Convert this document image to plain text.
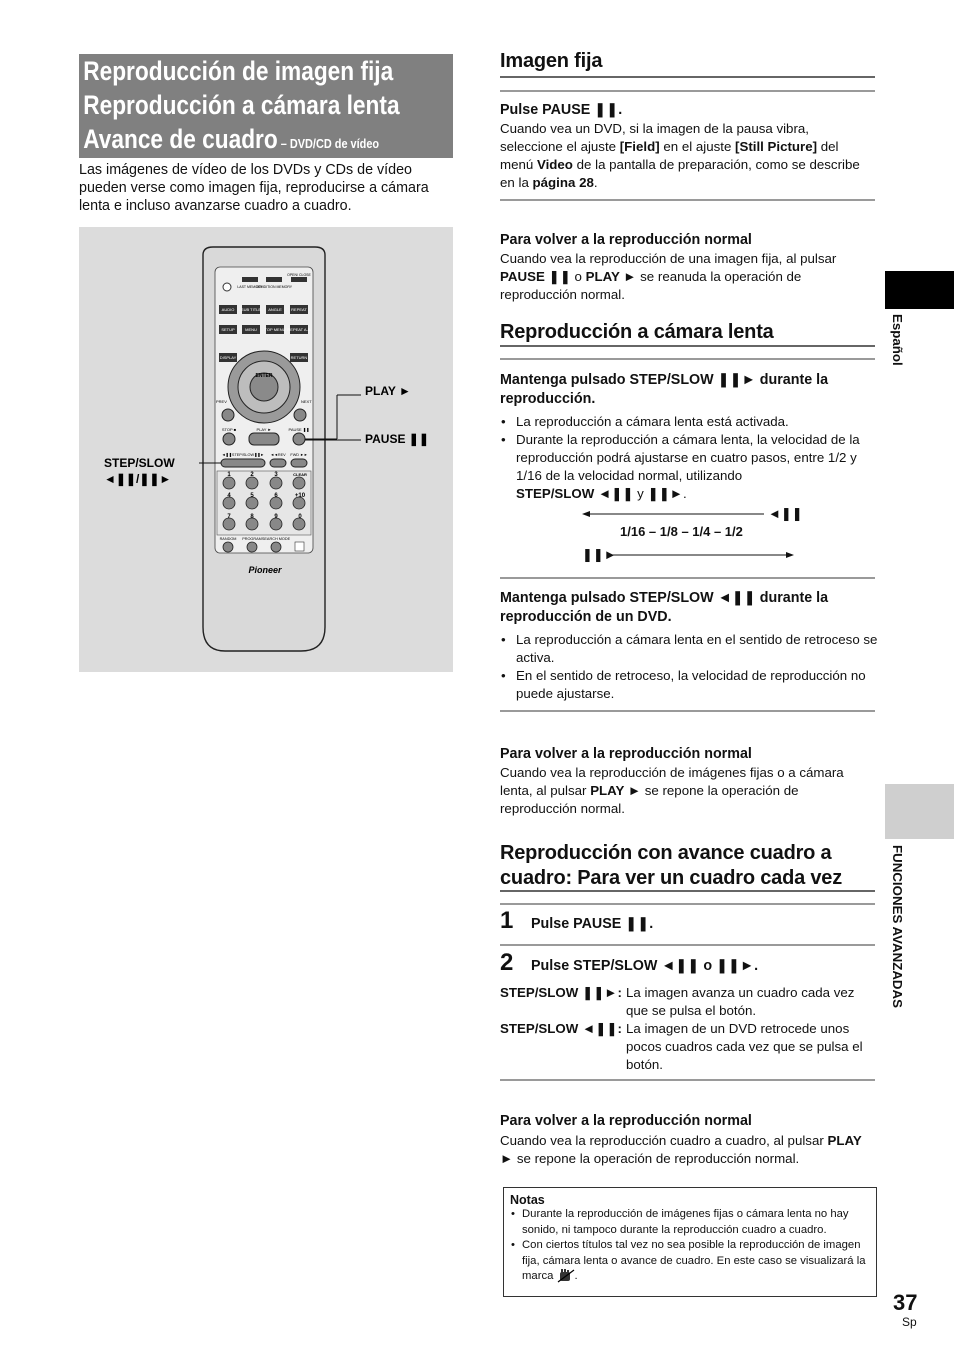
Reproducción de imagen fija
Reproducción a cámara lenta
Avance de cuadro – DVD/CD de vídeo
Las imágenes de vídeo de los DVDs y CDs de vídeo pueden verse como imagen fija, reproducirse a cámara lenta e incluso avanzarse cuadro a cuadro.
LAST MEMORY
CONDITION MEMORY
OPEN/ CLOSE
AUDIO SUB TITLE ANGLE REPEAT
SETUP	MENU TOP MENU REPEAT A-B
DISPLAY	RETURN
ENTER
PREV	NEXT
STOP ■	PLAY ►	PAUSE ❚❚
◄❚❚STEP/SLOW❚❚► ◄◄REV FWD ►►
1	2	3	CLEAR
4	5	6	+10
7	8	9	0
RANDOM PROGRAM SEARCH MODE
Pioneer
PLAY ►
PAUSE ❚❚
STEP/SLOW
◄❚❚/❚❚►
Imagen fija
Pulse PAUSE ❚❚.
Cuando vea un DVD, si la imagen de la pausa vibra, seleccione el ajuste [Field] en el ajuste [Still Picture] del menú Video de la pantalla de preparación, como se describe en la página 28.
Para volver a la reproducción normal
Cuando vea la reproducción de una imagen fija, al pulsar PAUSE ❚❚ o PLAY ► se reanuda la operación de reproducción normal.
Reproducción a cámara lenta
Mantenga pulsado STEP/SLOW ❚❚► durante la
reproducción.
• La reproducción a cámara lenta está activada.
• Durante la reproducción a cámara lenta, la velocidad de la reproducción podrá ajustarse en cuatro pasos, entre 1/2 y 1/16 de la velocidad normal, utilizando
STEP/SLOW ◄❚❚ y ❚❚►.
◄❚❚
1/16 – 1/8 – 1/4 – 1/2
❚❚►
Mantenga pulsado STEP/SLOW ◄❚❚ durante la
reproducción de un DVD.
• La reproducción a cámara lenta en el sentido de retroceso se activa.
• En el sentido de retroceso, la velocidad de reproducción no puede ajustarse.
Para volver a la reproducción normal
Cuando vea la reproducción de imágenes fijas o a cámara lenta, al pulsar PLAY ► se repone la operación de reproducción normal.
Reproducción con avance cuadro a
cuadro: Para ver un cuadro cada vez
1 Pulse PAUSE ❚❚.
2 Pulse STEP/SLOW ◄❚❚ o ❚❚►.
STEP/SLOW ❚❚►: La imagen avanza un cuadro cada vez que se pulsa el botón.
STEP/SLOW ◄❚❚: La imagen de un DVD retrocede unos pocos cuadros cada vez que se pulsa el botón.
Para volver a la reproducción normal
Cuando vea la reproducción cuadro a cuadro, al pulsar PLAY ► se repone la operación de reproducción normal.
Notas
• Durante la reproducción de imágenes fijas o cámara lenta no hay sonido, ni tampoco durante la reproducción cuadro a cuadro.
• Con ciertos títulos tal vez no sea posible la reproducción de imagen fija, cámara lenta o avance de cuadro. En este caso se visualizará la marca .
Español
FUNCIONES AVANZADAS
37
Sp
